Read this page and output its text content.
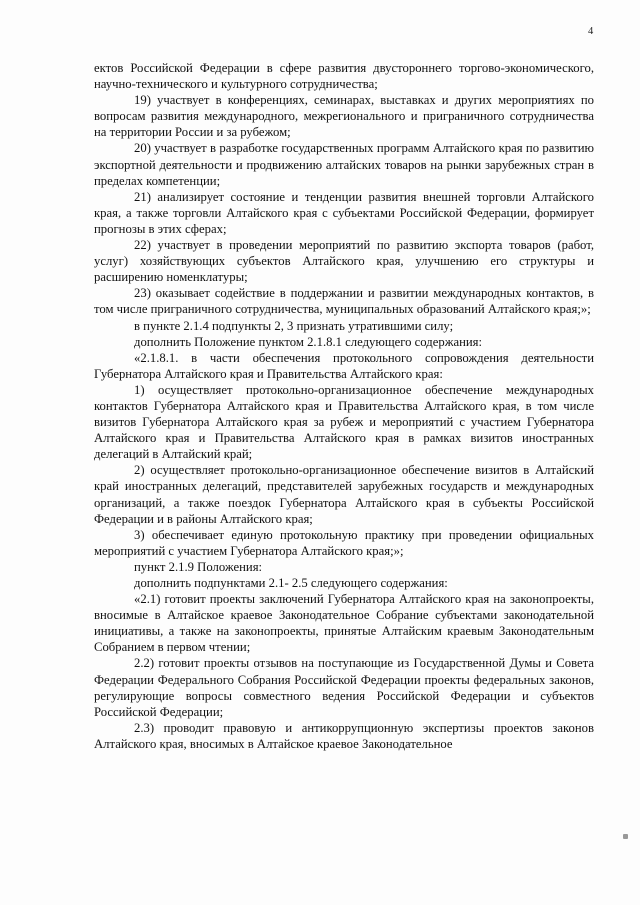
4

ектов Российской Федерации в сфере развития двустороннего торгово-экономического, научно-технического и культурного сотрудничества;

19) участвует в конференциях, семинарах, выставках и других мероприятиях по вопросам развития международного, межрегионального и приграничного сотрудничества на территории России и за рубежом;

20) участвует в разработке государственных программ Алтайского края по развитию экспортной деятельности и продвижению алтайских товаров на рынки зарубежных стран в пределах компетенции;

21) анализирует состояние и тенденции развития внешней торговли Алтайского края, а также торговли Алтайского края с субъектами Российской Федерации, формирует прогнозы в этих сферах;

22) участвует в проведении мероприятий по развитию экспорта товаров (работ, услуг) хозяйствующих субъектов Алтайского края, улучшению его структуры и расширению номенклатуры;

23) оказывает содействие в поддержании и развитии международных контактов, в том числе приграничного сотрудничества, муниципальных образований Алтайского края;»;

в пункте 2.1.4 подпункты 2, 3 признать утратившими силу;

дополнить Положение пунктом 2.1.8.1 следующего содержания:

«2.1.8.1. в части обеспечения протокольного сопровождения деятельности Губернатора Алтайского края и Правительства Алтайского края:

1) осуществляет протокольно-организационное обеспечение международных контактов Губернатора Алтайского края и Правительства Алтайского края, в том числе визитов Губернатора Алтайского края за рубеж и мероприятий с участием Губернатора Алтайского края и Правительства Алтайского края в рамках визитов иностранных делегаций в Алтайский край;

2) осуществляет протокольно-организационное обеспечение визитов в Алтайский край иностранных делегаций, представителей зарубежных государств и международных организаций, а также поездок Губернатора Алтайского края в субъекты Российской Федерации и в районы Алтайского края;

3) обеспечивает единую протокольную практику при проведении официальных мероприятий с участием Губернатора Алтайского края;»;

пункт 2.1.9 Положения:

дополнить подпунктами 2.1- 2.5 следующего содержания:

«2.1) готовит проекты заключений Губернатора Алтайского края на законопроекты, вносимые в Алтайское краевое Законодательное Собрание субъектами законодательной инициативы, а также на законопроекты, принятые Алтайским краевым Законодательным Собранием в первом чтении;

2.2) готовит проекты отзывов на поступающие из Государственной Думы и Совета Федерации Федерального Собрания Российской Федерации проекты федеральных законов, регулирующие вопросы совместного ведения Российской Федерации и субъектов Российской Федерации;

2.3) проводит правовую и антикоррупционную экспертизы проектов законов Алтайского края, вносимых в Алтайское краевое Законодательное
